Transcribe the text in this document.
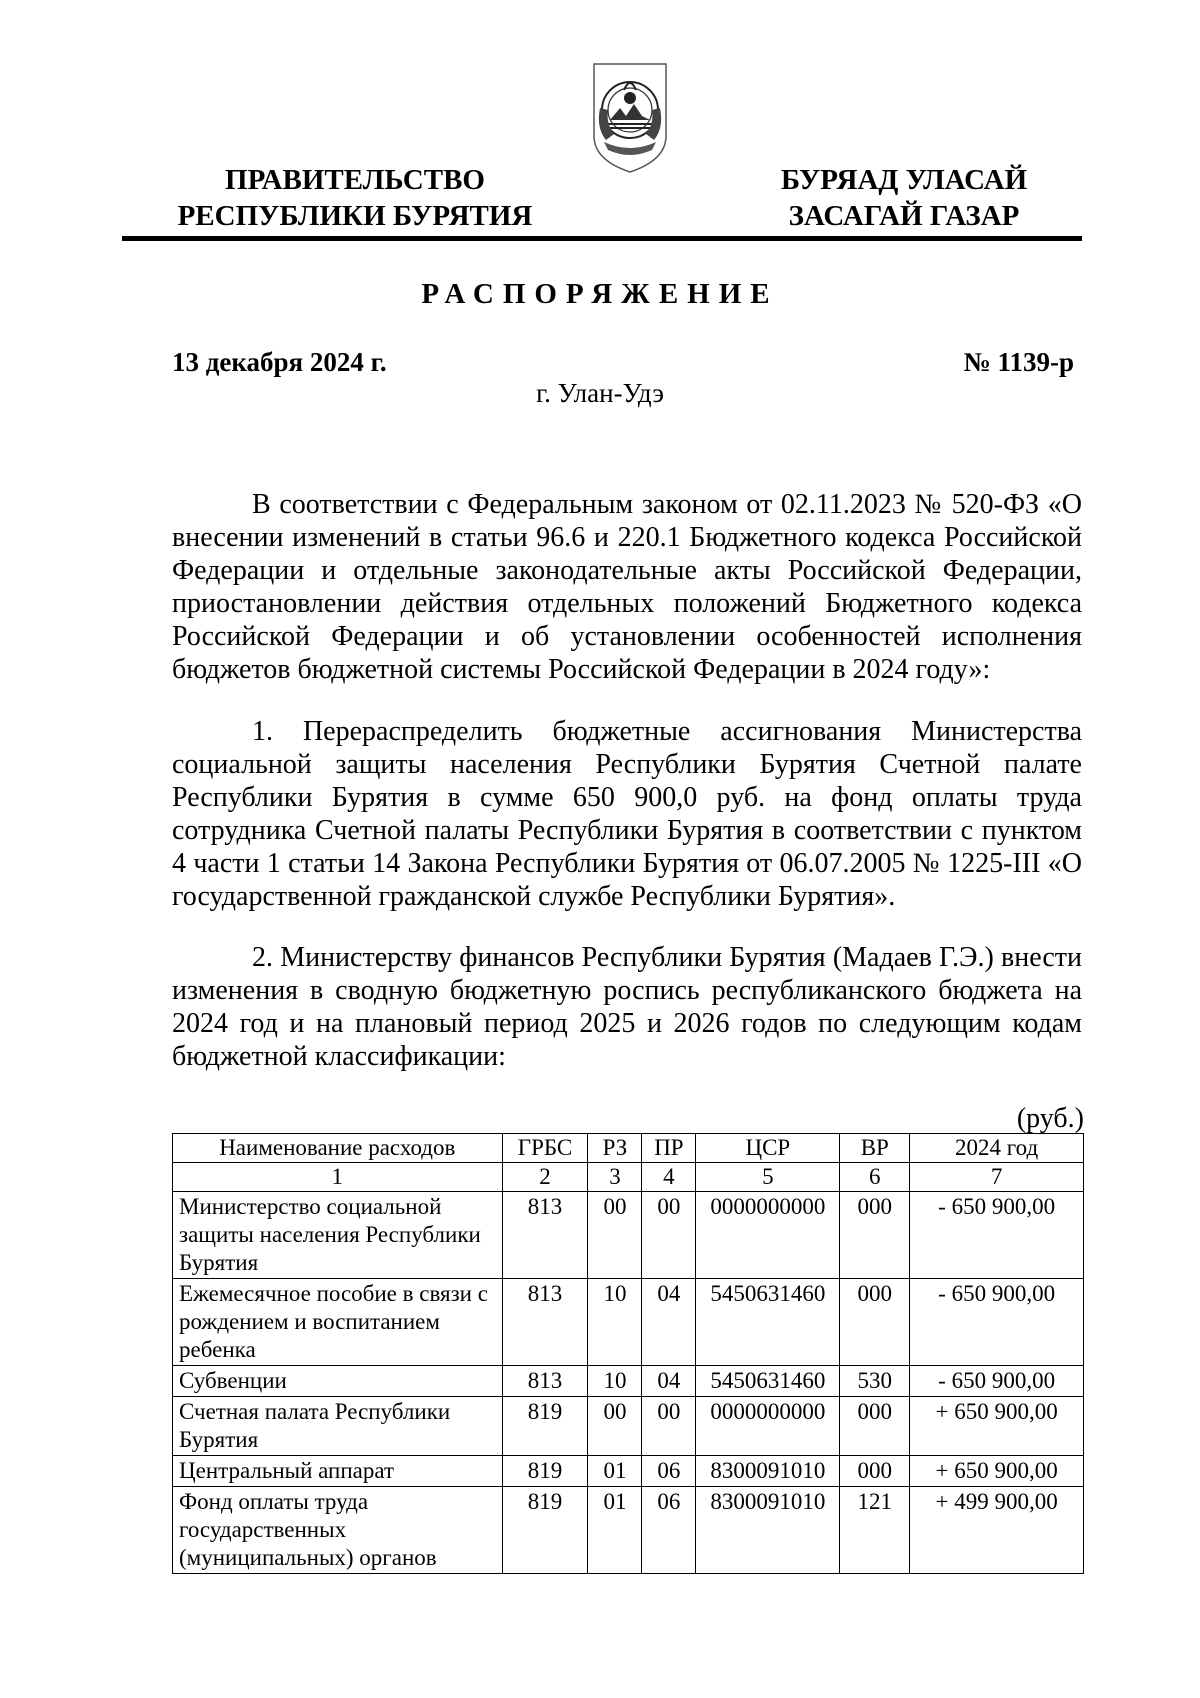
ПРАВИТЕЛЬСТВО
РЕСПУБЛИКИ БУРЯТИЯ
БУРЯАД УЛАСАЙ
ЗАСАГАЙ ГАЗАР
РАСПОРЯЖЕНИЕ
13 декабря 2024 г.	№ 1139-р
г. Улан-Удэ
В соответствии с Федеральным законом от 02.11.2023 № 520-ФЗ «О внесении изменений в статьи 96.6 и 220.1 Бюджетного кодекса Российской Федерации и отдельные законодательные акты Российской Федерации, приостановлении действия отдельных положений Бюджетного кодекса Российской Федерации и об установлении особенностей исполнения бюджетов бюджетной системы Российской Федерации в 2024 году»:
1. Перераспределить бюджетные ассигнования Министерства социальной защиты населения Республики Бурятия Счетной палате Республики Бурятия в сумме 650 900,0 руб. на фонд оплаты труда сотрудника Счетной палаты Республики Бурятия в соответствии с пунктом 4 части 1 статьи 14 Закона Республики Бурятия от 06.07.2005 № 1225-III «О государственной гражданской службе Республики Бурятия».
2. Министерству финансов Республики Бурятия (Мадаев Г.Э.) внести изменения в сводную бюджетную роспись республиканского бюджета на 2024 год и на плановый период 2025 и 2026 годов по следующим кодам бюджетной классификации:
(руб.)
Наименование расходов	ГРБС	РЗ	ПР	ЦСР	ВР	2024 год
1	2	3	4	5	6	7
Министерство социальной защиты населения Республики Бурятия	813	00	00	0000000000	000	- 650 900,00
Ежемесячное пособие в связи с рождением и воспитанием ребенка	813	10	04	5450631460	000	- 650 900,00
Субвенции	813	10	04	5450631460	530	- 650 900,00
Счетная палата Республики Бурятия	819	00	00	0000000000	000	+ 650 900,00
Центральный аппарат	819	01	06	8300091010	000	+ 650 900,00
Фонд оплаты труда государственных (муниципальных) органов	819	01	06	8300091010	121	+ 499 900,00
